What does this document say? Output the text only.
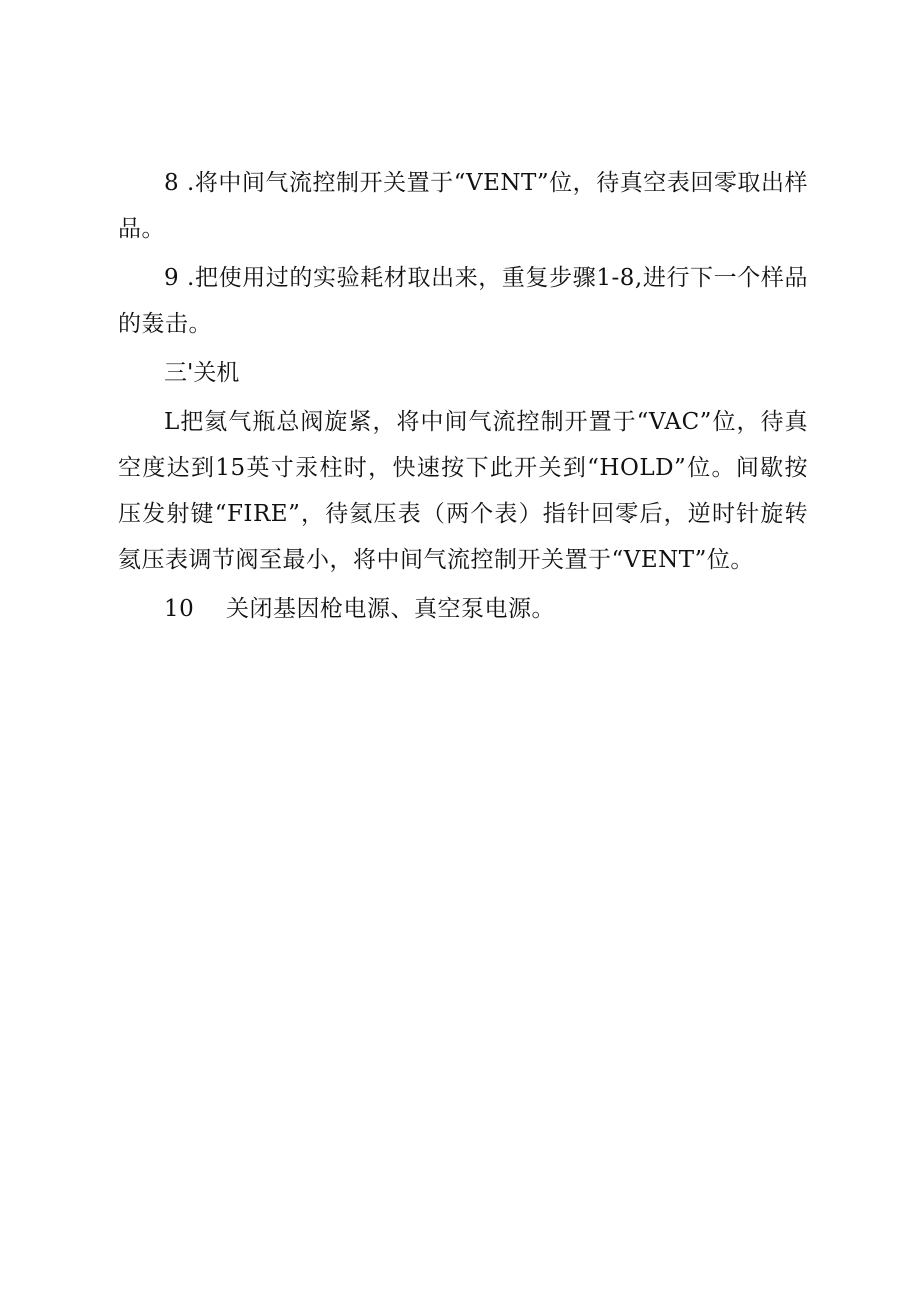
8 .将中间气流控制开关置于“VENT”位，待真空表回零取出样品。

9 .把使用过的实验耗材取出来，重复步骤1-8,进行下一个样品的轰击。

三'关机

L把氦气瓶总阀旋紧，将中间气流控制开置于“VAC”位，待真空度达到15英寸汞柱时，快速按下此开关到“HOLD”位。间歇按压发射键“FIRE”，待氦压表（两个表）指针回零后，逆时针旋转氦压表调节阀至最小，将中间气流控制开关置于“VENT”位。

10 关闭基因枪电源、真空泵电源。
